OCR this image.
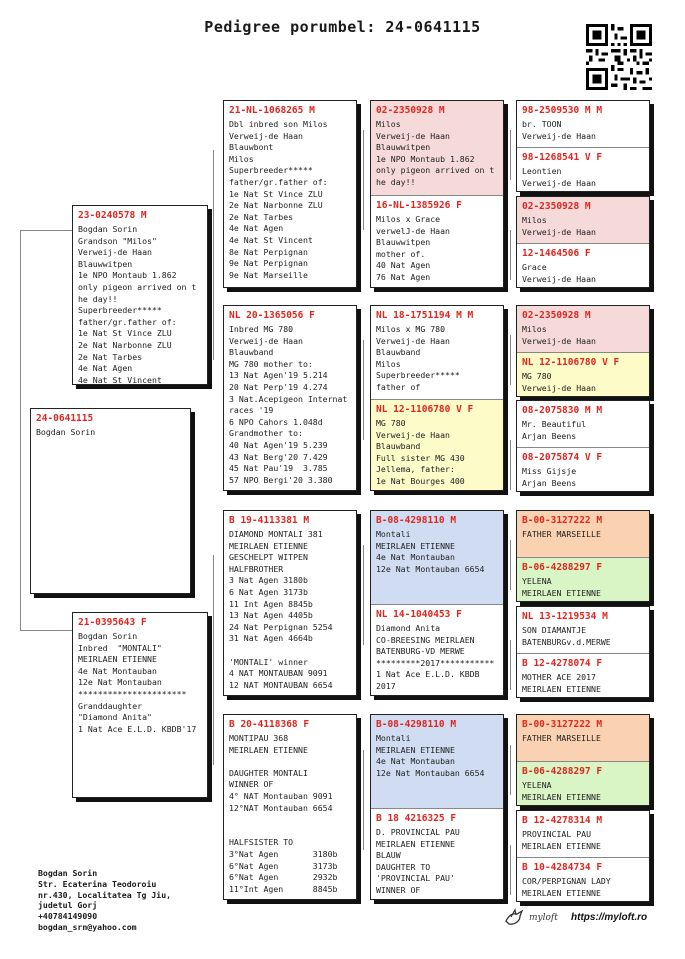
Pedigree porumbel: 24-0641115
24-0641115
Bogdan Sorin
23-0240578 M
Bogdan Sorin
Grandson "Milos"
Verweij-de Haan
Blauwwitpen
1e NPO Montaub 1.862
only pigeon arrived on t he day!!
Superbreeder*****
father/gr.father of:
1e Nat St Vince ZLU
2e Nat Narbonne ZLU
2e Nat Tarbes
4e Nat Agen
4e Nat St Vincent
21-0395643 F
Bogdan Sorin
Inbred  "MONTALI"
MEIRLAEN ETIENNE
4e Nat Montauban
12e Nat Montauban
**********************
Granddaughter
"Diamond Anita"
1 Nat Ace E.L.D. KBDB'17
21-NL-1068265 M
Dbl inbred son Milos
Verweij-de Haan
Blauwbont
Milos
Superbreeder*****
father/gr.father of:
1e Nat St Vince ZLU
2e Nat Narbonne ZLU
2e Nat Tarbes
4e Nat Agen
4e Nat St Vincent
8e Nat Perpignan
9e Nat Perpignan
9e Nat Marseille
NL 20-1365056 F
Inbred MG 780
Verweij-de Haan
Blauwband
MG 780 mother to:
13 Nat Agen'19 5.214
20 Nat Perp'19 4.274
3 Nat.Acepigeon Internat races '19
6 NPO Cahors 1.048d
Grandmother to:
40 Nat Agen'19 5.239
43 Nat Berg'20 7.429
45 Nat Pau'19  3.785
57 NPO Bergi'20 3.380
B 19-4113381 M
DIAMOND MONTALI 381
MEIRLAEN ETIENNE
GESCHELPT WITPEN
HALFBROTHER
3 Nat Agen 3180b
6 Nat Agen 3173b
11 Int Agen 8845b
13 Nat Agen 4405b
24 Nat Perpignan 5254
31 Nat Agen 4664b

'MONTALI' winner
4 NAT MONTAUBAN 9091
12 NAT MONTAUBAN 6654
B 20-4118368 F
MONTIPAU 368
MEIRLAEN ETIENNE

DAUGHTER MONTALI
WINNER OF
4° NAT Montauban 9091
12°NAT Montauban 6654

HALFSISTER TO
3°Nat Agen       3180b
6°Nat Agen       3173b
6°Nat Agen       2932b
11°Int Agen      8845b
02-2350928 M
Milos
Verweij-de Haan
Blauwwitpen
1e NPO Montaub 1.862
only pigeon arrived on t he day!!
16-NL-1385926 F
Milos x Grace
verwelJ-de Haan
Blauwwitpen
mother of.
40 Nat Agen
76 Nat Agen
NL 18-1751194 M M
Milos x MG 780
Verweij-de Haan
Blauwband
Milos
Superbreeder*****
father of
NL 12-1106780 V F
MG 780
Verweij-de Haan
Blauwband
Full sister MG 430
Jellema, father:
1e Nat Bourges 400
B-08-4298110 M
Montali
MEIRLAEN ETIENNE
4e Nat Montauban
12e Nat Montauban 6654
NL 14-1040453 F
Diamond Anita
CO-BREESING MEIRLAEN
BATENBURG-VD MERWE
*********2017***********
1 Nat Ace E.L.D. KBDB
2017
B-08-4298110 M
Montali
MEIRLAEN ETIENNE
4e Nat Montauban
12e Nat Montauban 6654
B 18 4216325 F
D. PROVINCIAL PAU
MEIRLAEN ETIENNE
BLAUW
DAUGHTER TO
'PROVINCIAL PAU'
WINNER OF
98-2509530 M M
br. TOON
Verweij-de Haan
98-1268541 V F
Leontien
Verweij-de Haan
02-2350928 M
Milos
Verweij-de Haan
12-1464506 F
Grace
Verweij-de Haan
02-2350928 M
Milos
Verweij-de Haan
NL 12-1106780 V F
MG 780
Verweij-de Haan
08-2075830 M M
Mr. Beautiful
Arjan Beens
08-2075874 V F
Miss Gijsje
Arjan Beens
B-00-3127222 M
FATHER MARSEILLE
B-06-4288297 F
YELENA
MEIRLAEN ETIENNE
NL 13-1219534 M
SON DIAMANTJE
BATENBURGv.d.MERWE
B 12-4278074 F
MOTHER ACE 2017
MEIRLAEN ETIENNE
B-00-3127222 M
FATHER MARSEILLE
B-06-4288297 F
YELENA
MEIRLAEN ETIENNE
B 12-4278314 M
PROVINCIAL PAU
MEIRLAEN ETIENNE
B 10-4284734 F
COR/PERPIGNAN LADY
MEIRLAEN ETIENNE
Bogdan Sorin
Str. Ecaterina Teodoroiu
nr.430, Localitatea Tg Jiu,
judetul Gorj
+40784149090
bogdan_srn@yahoo.com
myloft https://myloft.ro
